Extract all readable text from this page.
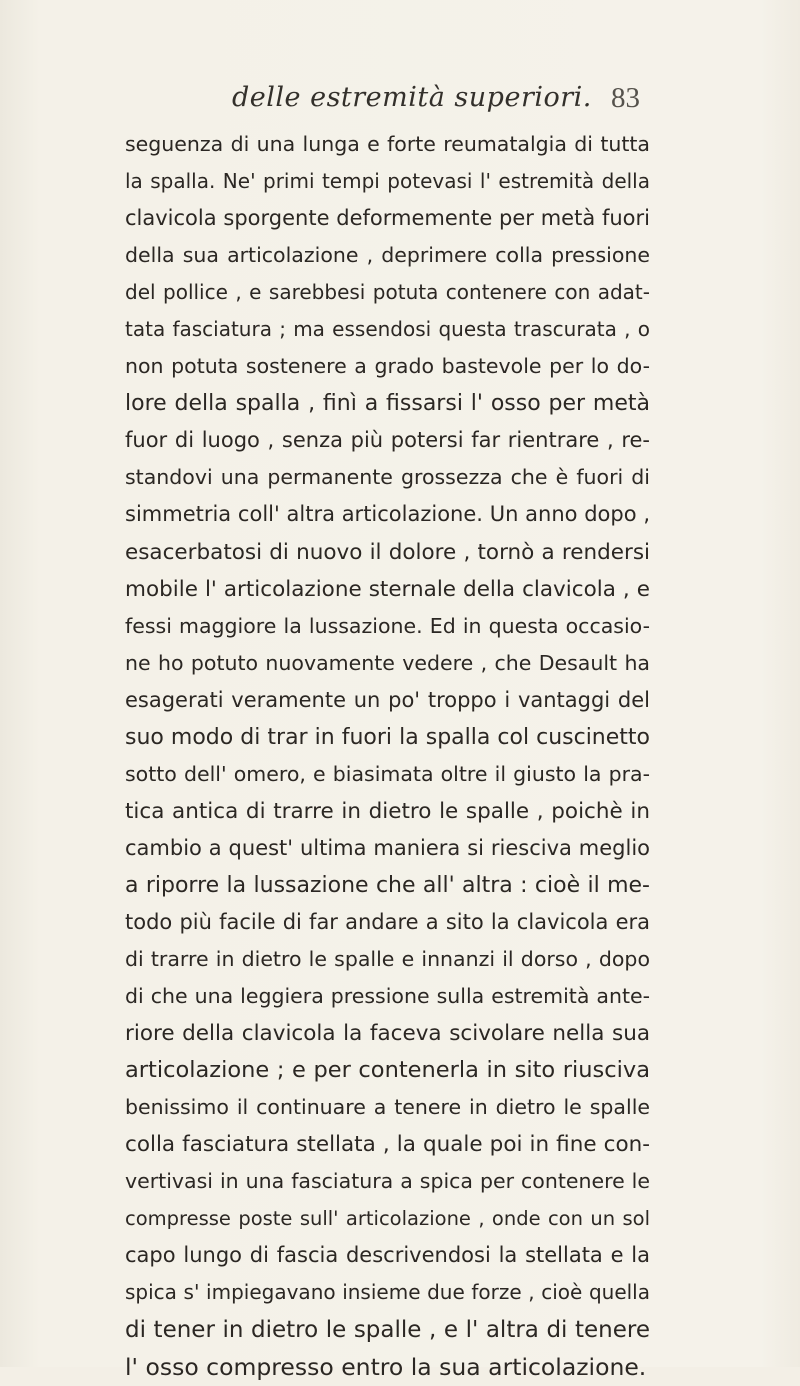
delle estremità superiori. 83
seguenza di una lunga e forte reumatalgia di tutta
la spalla. Ne' primi tempi potevasi l' estremità della
clavicola sporgente deformemente per metà fuori
della sua articolazione , deprimere colla pressione
del pollice , e sarebbesi potuta contenere con adat-
tata fasciatura ; ma essendosi questa trascurata , o
non potuta sostenere a grado bastevole per lo do-
lore della spalla , finì a fissarsi l' osso per metà
fuor di luogo , senza più potersi far rientrare , re-
standovi una permanente grossezza che è fuori di
simmetria coll' altra articolazione. Un anno dopo ,
esacerbatosi di nuovo il dolore , tornò a rendersi
mobile l' articolazione sternale della clavicola , e
fessi maggiore la lussazione. Ed in questa occasio-
ne ho potuto nuovamente vedere , che Desault ha
esagerati veramente un po' troppo i vantaggi del
suo modo di trar in fuori la spalla col cuscinetto
sotto dell' omero, e biasimata oltre il giusto la pra-
tica antica di trarre in dietro le spalle , poichè in
cambio a quest' ultima maniera si riesciva meglio
a riporre la lussazione che all' altra : cioè il me-
todo più facile di far andare a sito la clavicola era
di trarre in dietro le spalle e innanzi il dorso , dopo
di che una leggiera pressione sulla estremità ante-
riore della clavicola la faceva scivolare nella sua
articolazione ; e per contenerla in sito riusciva
benissimo il continuare a tenere in dietro le spalle
colla fasciatura stellata , la quale poi in fine con-
vertivasi in una fasciatura a spica per contenere le
compresse poste sull' articolazione , onde con un sol
capo lungo di fascia descrivendosi la stellata e la
spica s' impiegavano insieme due forze , cioè quella
di tener in dietro le spalle , e l' altra di tenere
l' osso compresso entro la sua articolazione.
